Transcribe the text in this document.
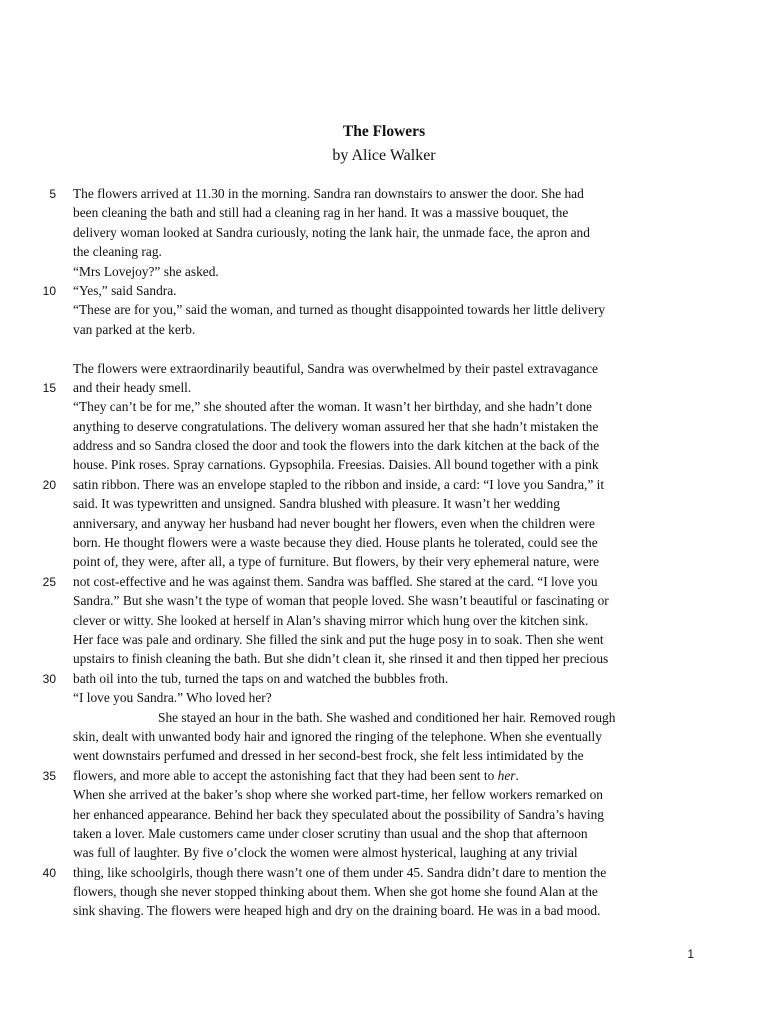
The Flowers
by Alice Walker
5 The flowers arrived at 11.30 in the morning. Sandra ran downstairs to answer the door. She had
been cleaning the bath and still had a cleaning rag in her hand. It was a massive bouquet, the
delivery woman looked at Sandra curiously, noting the lank hair, the unmade face, the apron and
the cleaning rag.
“Mrs Lovejoy?” she asked.
10 “Yes,” said Sandra.
“These are for you,” said the woman, and turned as thought disappointed towards her little delivery
van parked at the kerb.
The flowers were extraordinarily beautiful, Sandra was overwhelmed by their pastel extravagance
15 and their heady smell.
“They can’t be for me,” she shouted after the woman. It wasn’t her birthday, and she hadn’t done
anything to deserve congratulations. The delivery woman assured her that she hadn’t mistaken the
address and so Sandra closed the door and took the flowers into the dark kitchen at the back of the
house. Pink roses. Spray carnations. Gypsophila. Freesias. Daisies. All bound together with a pink
20 satin ribbon. There was an envelope stapled to the ribbon and inside, a card: “I love you Sandra,” it
said. It was typewritten and unsigned. Sandra blushed with pleasure. It wasn’t her wedding
anniversary, and anyway her husband had never bought her flowers, even when the children were
born. He thought flowers were a waste because they died. House plants he tolerated, could see the
point of, they were, after all, a type of furniture. But flowers, by their very ephemeral nature, were
25 not cost-effective and he was against them. Sandra was baffled. She stared at the card. “I love you
Sandra.” But she wasn’t the type of woman that people loved. She wasn’t beautiful or fascinating or
clever or witty. She looked at herself in Alan’s shaving mirror which hung over the kitchen sink.
Her face was pale and ordinary. She filled the sink and put the huge posy in to soak. Then she went
upstairs to finish cleaning the bath. But she didn’t clean it, she rinsed it and then tipped her precious
30 bath oil into the tub, turned the taps on and watched the bubbles froth.
“I love you Sandra.” Who loved her?
She stayed an hour in the bath. She washed and conditioned her hair. Removed rough
skin, dealt with unwanted body hair and ignored the ringing of the telephone. When she eventually
went downstairs perfumed and dressed in her second-best frock, she felt less intimidated by the
35 flowers, and more able to accept the astonishing fact that they had been sent to her.
When she arrived at the baker’s shop where she worked part-time, her fellow workers remarked on
her enhanced appearance. Behind her back they speculated about the possibility of Sandra’s having
taken a lover. Male customers came under closer scrutiny than usual and the shop that afternoon
was full of laughter. By five o’clock the women were almost hysterical, laughing at any trivial
40 thing, like schoolgirls, though there wasn’t one of them under 45. Sandra didn’t dare to mention the
flowers, though she never stopped thinking about them. When she got home she found Alan at the
sink shaving. The flowers were heaped high and dry on the draining board. He was in a bad mood.
1
